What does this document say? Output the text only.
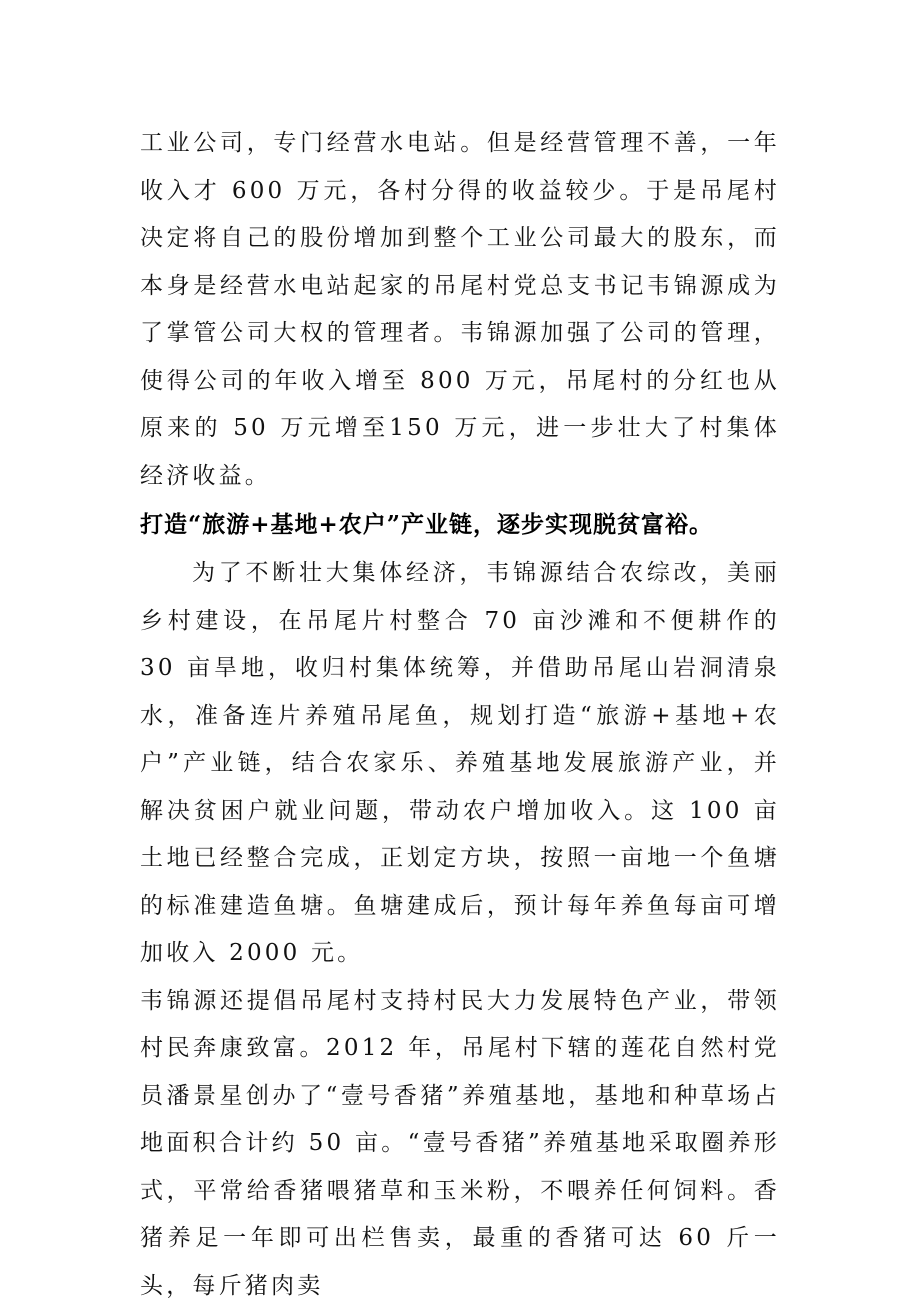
工业公司，专门经营水电站。但是经营管理不善，一年收入才 600 万元，各村分得的收益较少。于是吊尾村决定将自己的股份增加到整个工业公司最大的股东，而本身是经营水电站起家的吊尾村党总支书记韦锦源成为了掌管公司大权的管理者。韦锦源加强了公司的管理，使得公司的年收入增至 800 万元，吊尾村的分红也从原来的 50 万元增至150 万元，进一步壮大了村集体经济收益。

打造“旅游+基地+农户”产业链，逐步实现脱贫富裕。

为了不断壮大集体经济，韦锦源结合农综改，美丽乡村建设，在吊尾片村整合 70 亩沙滩和不便耕作的 30 亩旱地，收归村集体统筹，并借助吊尾山岩洞清泉水，准备连片养殖吊尾鱼，规划打造“旅游+基地+农户”产业链，结合农家乐、养殖基地发展旅游产业，并解决贫困户就业问题，带动农户增加收入。这 100 亩土地已经整合完成，正划定方块，按照一亩地一个鱼塘的标准建造鱼塘。鱼塘建成后，预计每年养鱼每亩可增加收入 2000 元。

韦锦源还提倡吊尾村支持村民大力发展特色产业，带领村民奔康致富。2012 年，吊尾村下辖的莲花自然村党员潘景星创办了“壹号香猪”养殖基地，基地和种草场占地面积合计约 50 亩。“壹号香猪”养殖基地采取圈养形式，平常给香猪喂猪草和玉米粉，不喂养任何饲料。香猪养足一年即可出栏售卖，最重的香猪可达 60 斤一头，每斤猪肉卖
